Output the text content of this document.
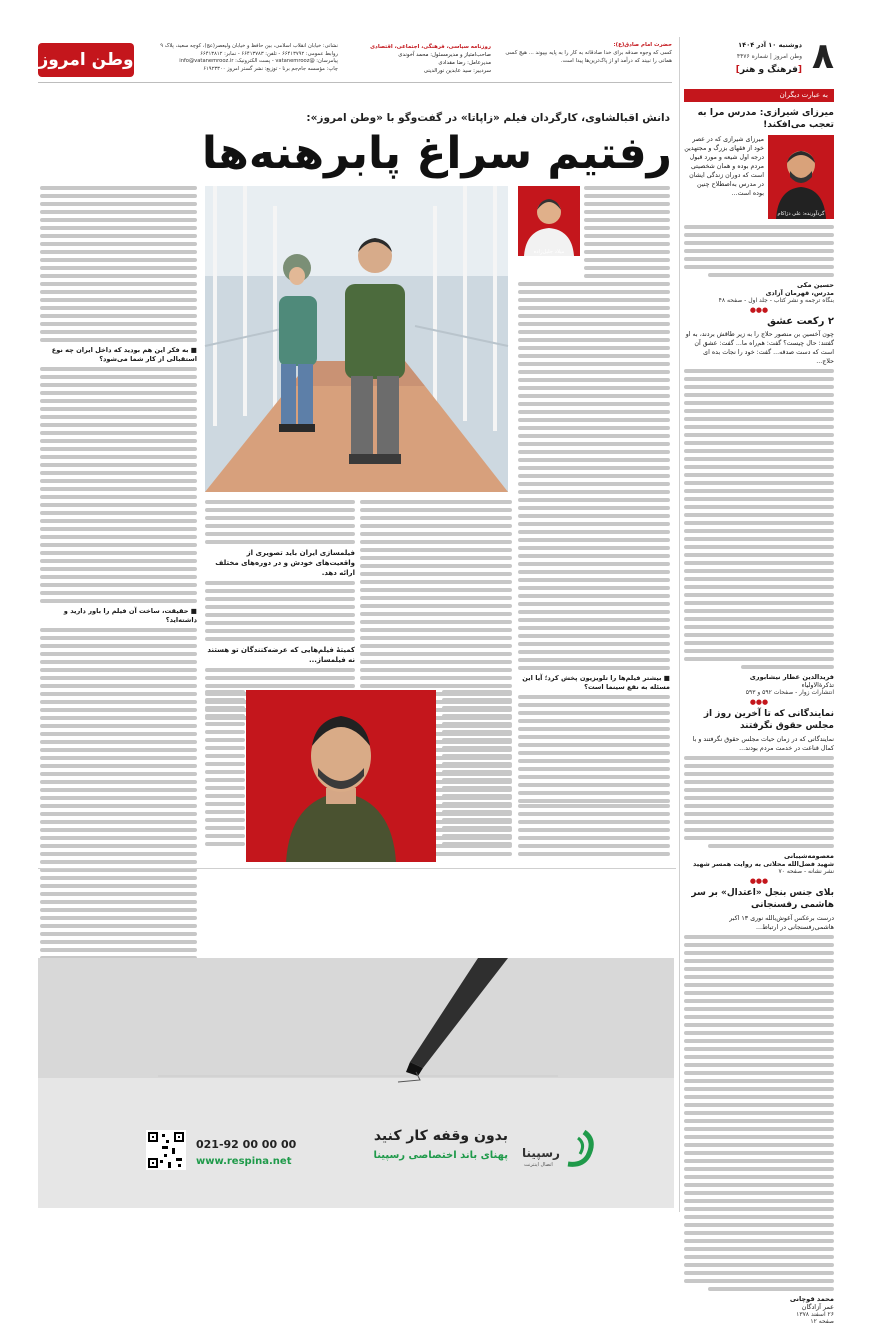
وطن امروز
نشانی: خیابان انقلاب اسلامی، بین حافظ و خیابان ولیعصر(عج)، کوچه سعید، پلاک ۹
روابط عمومی: ۶۶۴۱۳۷۹۲ - تلفن: ۶۶۴۱۳۷۸۳ - نمابر: ۶۶۴۱۳۸۱۲
پیامرسان: @vatanemrooz - پست الکترونیک: info@vatanemrooz.ir
چاپ: مؤسسه جام‌جم برنا - توزیع: نشر گستر امروز ۶۱۹۲۳۳۰۰
روزنامه سیاسی، فرهنگی، اجتماعی، اقتصادی
صاحب‌امتیاز و مدیرمسئول: محمد آخوندی
مدیرعامل: رضا مقدادی
سردبیر: سید عابدین نورالدینی
حضرت امام صادق(ع):
کسی که وجوه صدقه برای خدا صادقانه به کار را به پایه بپیوند ... هیچ کسی همانی را نبیند که درآمد او از پاک‌ترین‌ها پیدا است.	۸
دوشنبه ۱۰ آذر ۱۴۰۴
وطن امروز | شماره ۴۴۷۶
[فرهنگ و هنر]
به عبارت دیگران
میرزای شیرازی: مدرس مرا به تعجب می‌افکند!
گردآورنده: علی دژاکام
میرزای شیرازی که در عصر خود از فقهای بزرگ و مجتهدین درجه اول شیعه و مورد قبول مردم بوده و همان شخصیتی است که دوران زندگی ایشان در مدرس به‌اصطلاح چنین بوده است...
حسین مکی
مدرس، قهرمان آزادی
بنگاه ترجمه و نشر کتاب - جلد اول - صفحه ۴۸
●●●
۲ رکعت عشق
چون آخسین بن منصور حلاج را به زیر طاقش بردند، به او گفتند: حال چیست؟ گفت: هم‌راه ما... گفت: عشق آن است که دست صدقه... گفت: خود را نجات بده ای حلاج...
فریدالدین عطار نیشابوری
تذکرةالاولیاء
انتشارات زوار - صفحات ۵۹۲ و ۵۹۳
●●●
نمایندگانی که تا آخرین روز از مجلس حقوق نگرفتند
نمایندگانی که در زمان حیات مجلس حقوق نگرفتند و با کمال قناعت در خدمت مردم بودند...
معصومه‌شیبانی
شهید فضل‌الله محلاتی به روایت همسر شهید
نشر نشانه - صفحه ۷۰
●●●
بلای جنس بنجل «اعتدال» بر سر هاشمی رفسنجانی
درست برعکس آغوش‌بالله نوری ۱۳ اکبر هاشمی‌رفسنجانی در ارتباط...
محمد قوچانی
عمر آزادگان
۲۶ اسفند ۱۳۷۸
صفحه ۱۲
دانش اقبالشاوی، کارگردان فیلم «زاپاتا» در گفت‌وگو با «وطن امروز»:
رفتیم سراغ پابرهنه‌ها
میلاد جلیل‌زاده
■ بیشتر فیلم‌ها را تلویزیون پخش کرد؛ آیا این مسئله به نفع سینما است؟
■ به فکر این هم بودید که داخل ایران چه نوع استقبالی از کار شما می‌شود؟
■ حقیقت، ساخت آن فیلم را باور دارید و داشته‌اید؟
فیلمسازی ایران باید تصویری از واقعیت‌های خودش و در دوره‌های مختلف ارائه دهد.
کمیتهٔ فیلم‌هایی که عرضه‌کنندگان تو هستند نه فیلمساز...
بدون وقفه کار کنید
پهنای باند اختصاصی رسپینا رسپینا
اتصال اینترنت
021-92 00 00 00
www.respina.net
